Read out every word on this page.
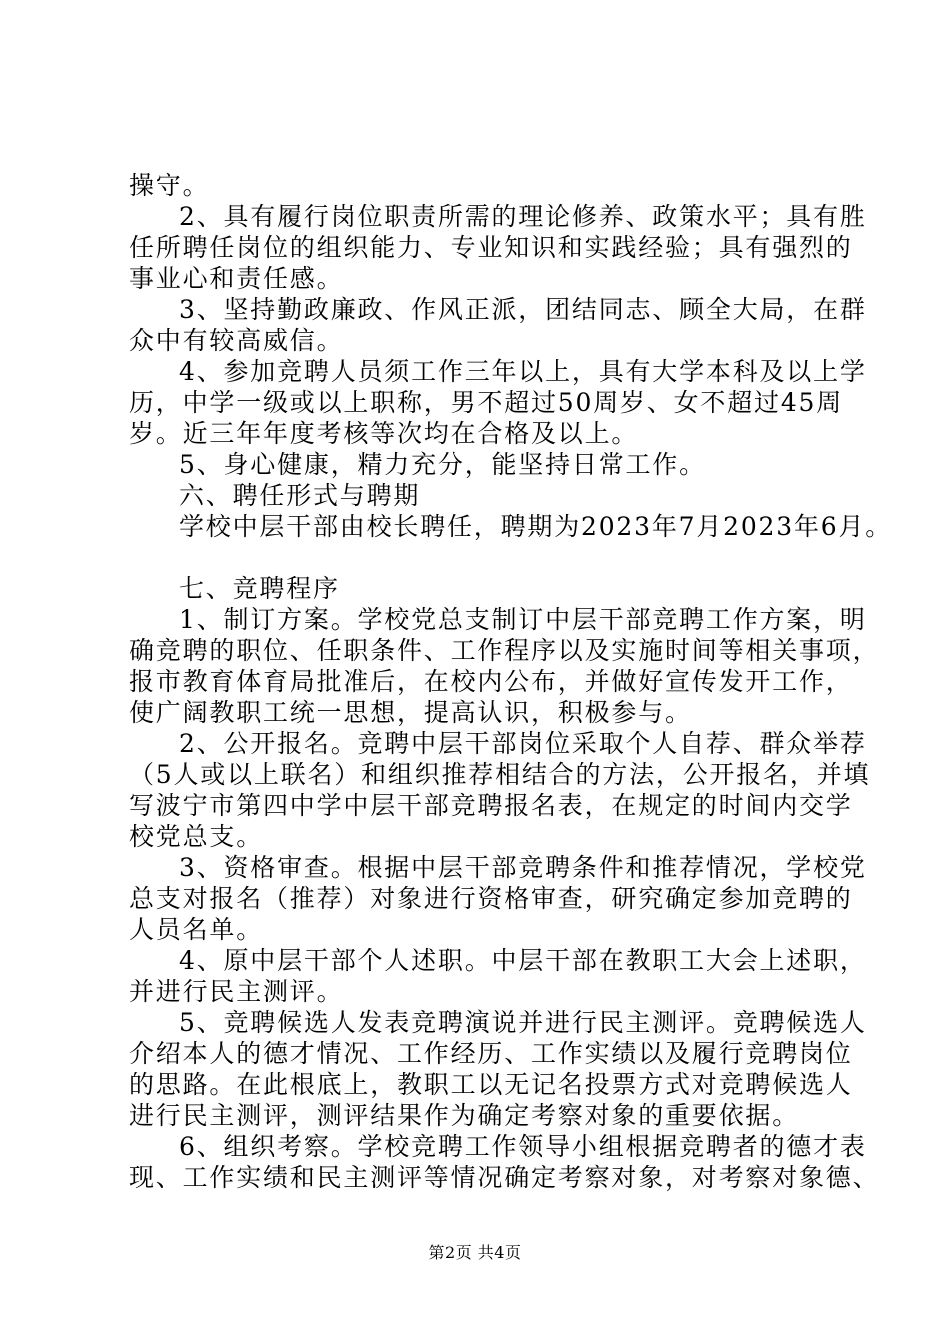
操守。
2、具有履行岗位职责所需的理论修养、政策水平；具有胜
任所聘任岗位的组织能力、专业知识和实践经验；具有强烈的
事业心和责任感。
3、坚持勤政廉政、作风正派，团结同志、顾全大局，在群
众中有较高威信。
4、参加竞聘人员须工作三年以上，具有大学本科及以上学
历，中学一级或以上职称，男不超过50周岁、女不超过45周
岁。近三年年度考核等次均在合格及以上。
5、身心健康，精力充分，能坚持日常工作。
六、聘任形式与聘期
学校中层干部由校长聘任，聘期为2023年7月2023年6月。
七、竞聘程序
1、制订方案。学校党总支制订中层干部竞聘工作方案，明
确竞聘的职位、任职条件、工作程序以及实施时间等相关事项，
报市教育体育局批准后，在校内公布，并做好宣传发开工作，
使广阔教职工统一思想，提高认识，积极参与。
2、公开报名。竞聘中层干部岗位采取个人自荐、群众举荐
（5人或以上联名）和组织推荐相结合的方法，公开报名，并填
写波宁市第四中学中层干部竞聘报名表，在规定的时间内交学
校党总支。
3、资格审查。根据中层干部竞聘条件和推荐情况，学校党
总支对报名（推荐）对象进行资格审查，研究确定参加竞聘的
人员名单。
4、原中层干部个人述职。中层干部在教职工大会上述职，
并进行民主测评。
5、竞聘候选人发表竞聘演说并进行民主测评。竞聘候选人
介绍本人的德才情况、工作经历、工作实绩以及履行竞聘岗位
的思路。在此根底上，教职工以无记名投票方式对竞聘候选人
进行民主测评，测评结果作为确定考察对象的重要依据。
6、组织考察。学校竞聘工作领导小组根据竞聘者的德才表
现、工作实绩和民主测评等情况确定考察对象，对考察对象德、
第2页 共4页
